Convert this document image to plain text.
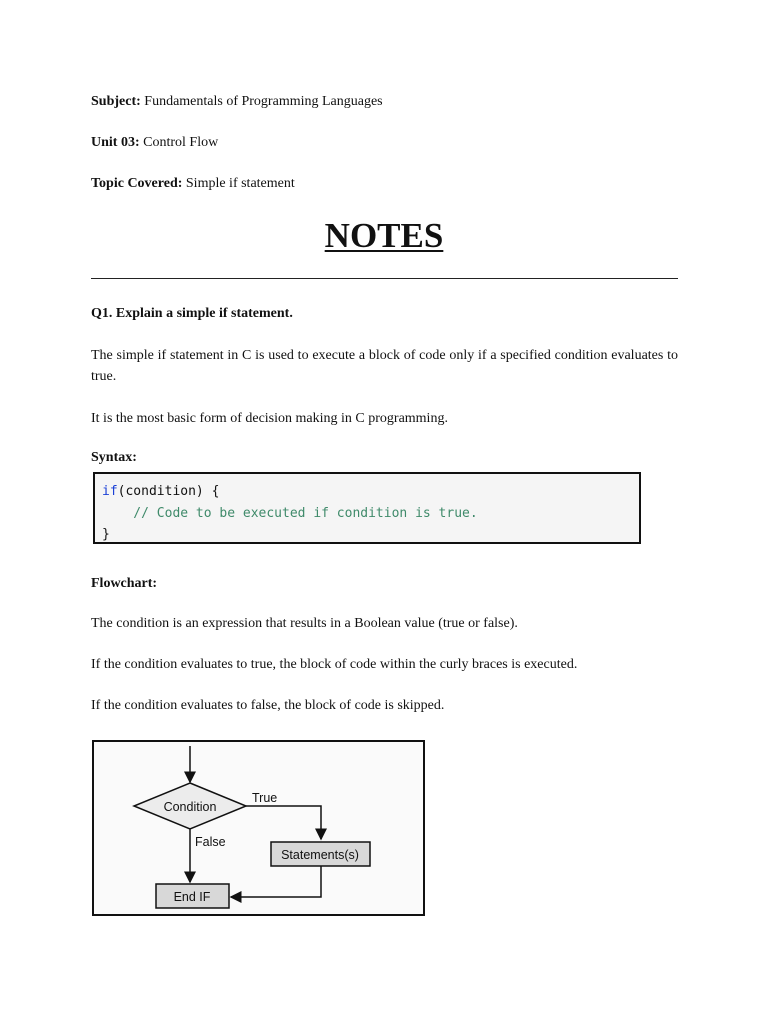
Subject: Fundamentals of Programming Languages

Unit 03: Control Flow

Topic Covered: Simple if statement

NOTES

Q1. Explain a simple if statement.

The simple if statement in C is used to execute a block of code only if a specified condition evaluates to true.

It is the most basic form of decision making in C programming.

Syntax:

if(condition) {
// Code to be executed if condition is true.
}

Flowchart:

The condition is an expression that results in a Boolean value (true or false).

If the condition evaluates to true, the block of code within the curly braces is executed.

If the condition evaluates to false, the block of code is skipped.

Condition
True
False
Statements(s)
End IF
